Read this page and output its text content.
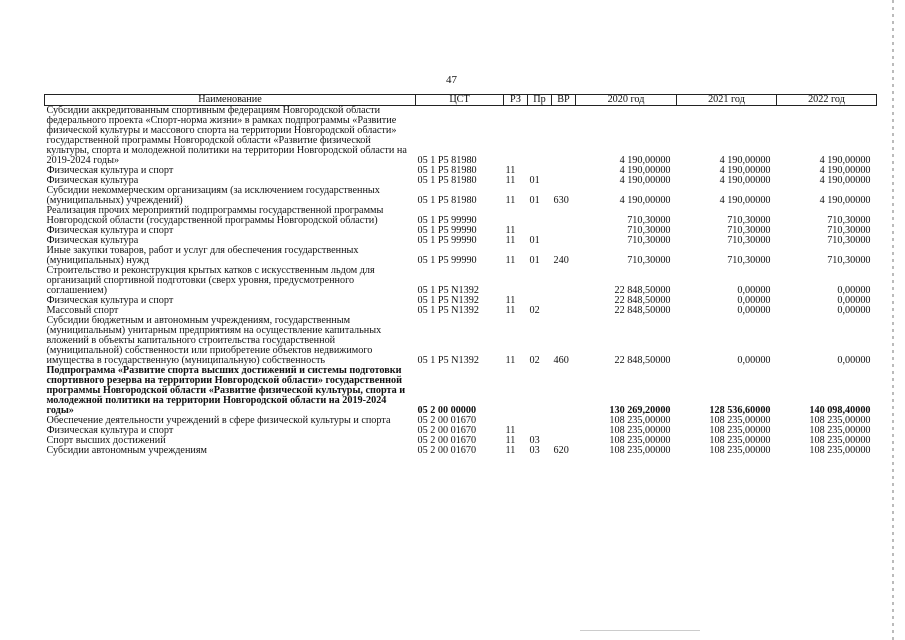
47
Наименование	ЦСТ	РЗ	Пр	ВР	2020 год	2021 год	2022 год
Субсидии аккредитованным спортивным федерациям Новгородской области федерального проекта «Спорт-норма жизни» в рамках подпрограммы «Развитие физической культуры и массового спорта на территории Новгородской области» государственной программы Новгородской области «Развитие физической культуры, спорта и молодежной политики на территории Новгородской области на 2019-2024 годы»	05 1 Р5 81980				4 190,00000	4 190,00000	4 190,00000
Физическая культура и спорт	05 1 Р5 81980	11			4 190,00000	4 190,00000	4 190,00000
Физическая культура	05 1 Р5 81980	11	01		4 190,00000	4 190,00000	4 190,00000
Субсидии некоммерческим организациям (за исключением государственных (муниципальных) учреждений)	05 1 Р5 81980	11	01	630	4 190,00000	4 190,00000	4 190,00000
Реализация прочих мероприятий подпрограммы государственной программы Новгородской области (государственной программы Новгородской области)	05 1 Р5 99990				710,30000	710,30000	710,30000
Физическая культура и спорт	05 1 Р5 99990	11			710,30000	710,30000	710,30000
Физическая культура	05 1 Р5 99990	11	01		710,30000	710,30000	710,30000
Иные закупки товаров, работ и услуг для обеспечения государственных (муниципальных) нужд	05 1 Р5 99990	11	01	240	710,30000	710,30000	710,30000
Строительство и реконструкция крытых катков с искусственным льдом для организаций спортивной подготовки (сверх уровня, предусмотренного соглашением)	05 1 Р5 N1392				22 848,50000	0,00000	0,00000
Физическая культура и спорт	05 1 Р5 N1392	11			22 848,50000	0,00000	0,00000
Массовый спорт	05 1 Р5 N1392	11	02		22 848,50000	0,00000	0,00000
Субсидии бюджетным и автономным учреждениям, государственным (муниципальным) унитарным предприятиям на осуществление капитальных вложений в объекты капитального строительства государственной (муниципальной) собственности или приобретение объектов недвижимого имущества в государственную (муниципальную) собственность	05 1 Р5 N1392	11	02	460	22 848,50000	0,00000	0,00000
Подпрограмма «Развитие спорта высших достижений и системы подготовки спортивного резерва на территории Новгородской области» государственной программы Новгородской области «Развитие физической культуры, спорта и молодежной политики на территории Новгородской области на 2019-2024 годы»	05 2 00 00000				130 269,20000	128 536,60000	140 098,40000
Обеспечение деятельности учреждений в сфере физической культуры и спорта	05 2 00 01670				108 235,00000	108 235,00000	108 235,00000
Физическая культура и спорт	05 2 00 01670	11			108 235,00000	108 235,00000	108 235,00000
Спорт высших достижений	05 2 00 01670	11	03		108 235,00000	108 235,00000	108 235,00000
Субсидии автономным учреждениям	05 2 00 01670	11	03	620	108 235,00000	108 235,00000	108 235,00000
